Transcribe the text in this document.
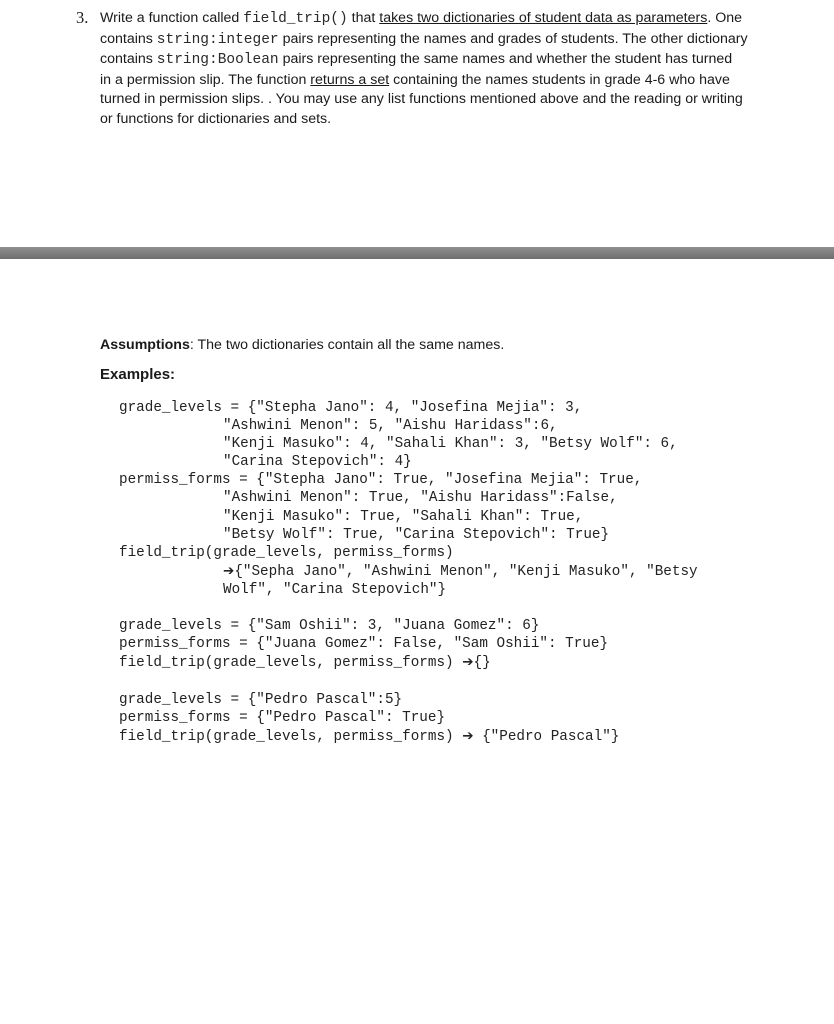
3. Write a function called field_trip() that takes two dictionaries of student data as parameters. One
contains string:integer pairs representing the names and grades of students. The other dictionary
contains string:Boolean pairs representing the same names and whether the student has turned
in a permission slip. The function returns a set containing the names students in grade 4-6 who have
turned in permission slips. . You may use any list functions mentioned above and the reading or writing
or functions for dictionaries and sets.
Assumptions: The two dictionaries contain all the same names.
Examples:
grade_levels = {"Stepha Jano": 4, "Josefina Mejia": 3,
"Ashwini Menon": 5, "Aishu Haridass":6,
"Kenji Masuko": 4, "Sahali Khan": 3, "Betsy Wolf": 6,
"Carina Stepovich": 4}
permiss_forms = {"Stepha Jano": True, "Josefina Mejia": True,
"Ashwini Menon": True, "Aishu Haridass":False,
"Kenji Masuko": True, "Sahali Khan": True,
"Betsy Wolf": True, "Carina Stepovich": True}
field_trip(grade_levels, permiss_forms)
➔{"Sepha Jano", "Ashwini Menon", "Kenji Masuko", "Betsy
Wolf", "Carina Stepovich"}
grade_levels = {"Sam Oshii": 3, "Juana Gomez": 6}
permiss_forms = {"Juana Gomez": False, "Sam Oshii": True}
field_trip(grade_levels, permiss_forms) ➔{}
grade_levels = {"Pedro Pascal":5}
permiss_forms = {"Pedro Pascal": True}
field_trip(grade_levels, permiss_forms) ➔ {"Pedro Pascal"}
